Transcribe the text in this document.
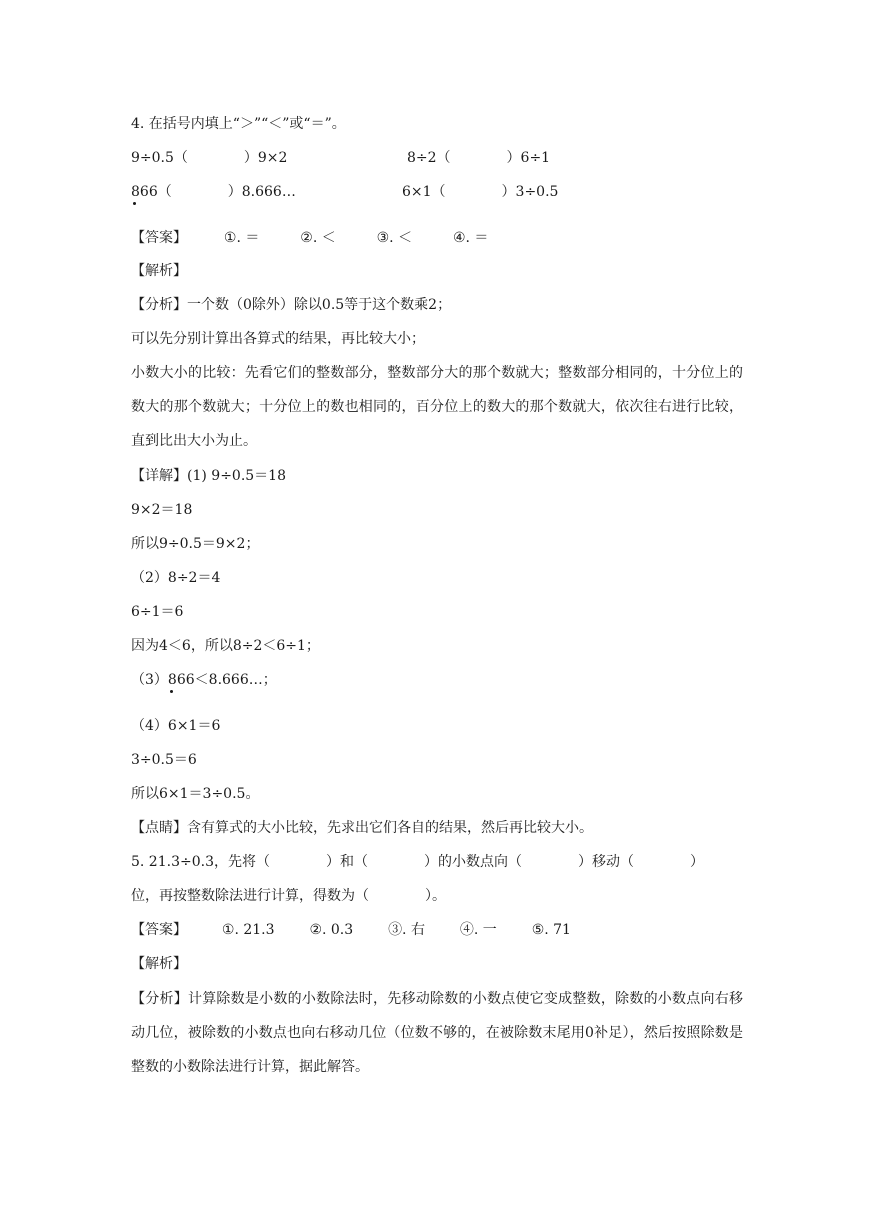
4. 在括号内填上“＞”“＜”或“＝”。
9÷0.5（　　　　）9×2	8÷2（　　　　）6÷1
8
66（　　　　）8.666…	6×1（　　　　）3÷0.5
【答案】	①. ＝	②. ＜	③. ＜	④. ＝
【解析】
【分析】一个数（0除外）除以0.5等于这个数乘2；
可以先分别计算出各算式的结果，再比较大小；
小数大小的比较：先看它们的整数部分，整数部分大的那个数就大；整数部分相同的，十分位上的数大的那个数就大；十分位上的数也相同的，百分位上的数大的那个数就大，依次往右进行比较，直到比出大小为止。
【详解】(1) 9÷0.5＝18
9×2＝18
所以9÷0.5＝9×2；
（2）8÷2＝4
6÷1＝6
因为4＜6，所以8÷2＜6÷1；
（3）8
66＜8.666…；
（4）6×1＝6
3÷0.5＝6
所以6×1＝3÷0.5。
【点睛】含有算式的大小比较，先求出它们各自的结果，然后再比较大小。
5. 21.3÷0.3，先将（　　　　）和（　　　　）的小数点向（　　　　）移动（　　　　）
位，再按整数除法进行计算，得数为（　　　　）。
【答案】 ①. 21.3 ②. 0.3 ③. 右 ④. 一 ⑤. 71
【解析】
【分析】计算除数是小数的小数除法时，先移动除数的小数点使它变成整数，除数的小数点向右移动几位，被除数的小数点也向右移动几位（位数不够的，在被除数末尾用0补足），然后按照除数是整数的小数除法进行计算，据此解答。
